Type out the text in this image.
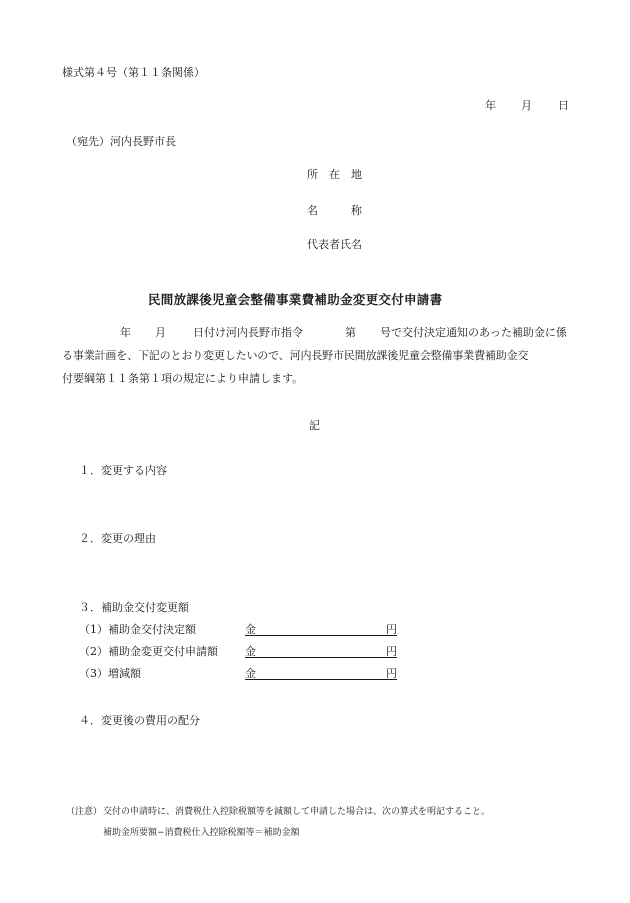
様式第４号（第１１条関係）
年 月 日
（宛先）河内長野市長
所　在　地
名　　　称
代表者氏名
民間放課後児童会整備事業費補助金変更交付申請書
年 月 日付け河内長野市指令	第 号で交付決定通知のあった補助金に係
る事業計画を、下記のとおり変更したいので、河内長野市民間放課後児童会整備事業費補助金交
付要綱第１１条第１項の規定により申請します。
記
１．変更する内容
２．変更の理由
３．補助金交付変更額
（1）補助金交付決定額	金	円
（2）補助金変更交付申請額 金	円
（3）増減額	金	円
４．変更後の費用の配分
（注意） 交付の申請時に、消費税仕入控除税額等を減額して申請した場合は、次の算式を明記すること。
補助金所要額−消費税仕入控除税額等＝補助金額
